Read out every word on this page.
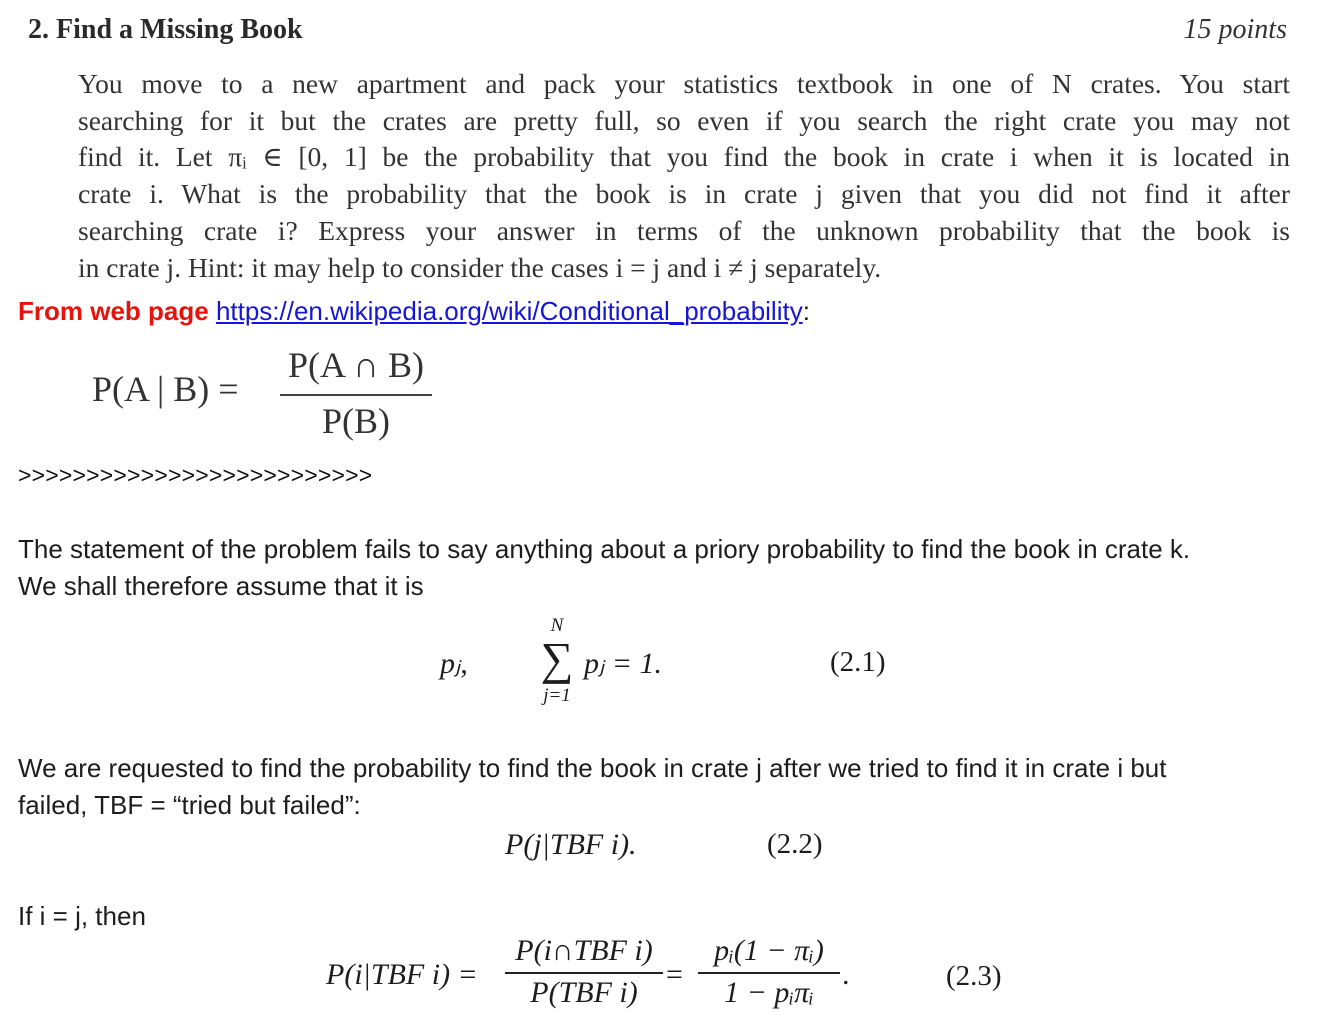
2. Find a Missing Book	15 points
You move to a new apartment and pack your statistics textbook in one of N crates. You start
searching for it but the crates are pretty full, so even if you search the right crate you may not
find it. Let πᵢ ∈ [0, 1] be the probability that you find the book in crate i when it is located in
crate i. What is the probability that the book is in crate j given that you did not find it after
searching crate i? Express your answer in terms of the unknown probability that the book is
in crate j. Hint: it may help to consider the cases i = j and i ≠ j separately.
From web page https://en.wikipedia.org/wiki/Conditional_probability:
P(A | B) =
P(A ∩ B)
P(B)
>>>>>>>>>>>>>>>>>>>>>>>>>>
The statement of the problem fails to say anything about a priory probability to find the book in crate k.
We shall therefore assume that it is
pⱼ,
N
∑
j=1
pⱼ = 1.	(2.1)
We are requested to find the probability to find the book in crate j after we tried to find it in crate i but
failed, TBF = “tried but failed”:
P(j|TBF i).	(2.2)
If i = j, then
P(i|TBF i) =
P(i∩TBF i)
P(TBF i)
=
pᵢ(1 − πᵢ)
1 − pᵢπᵢ
.	(2.3)
